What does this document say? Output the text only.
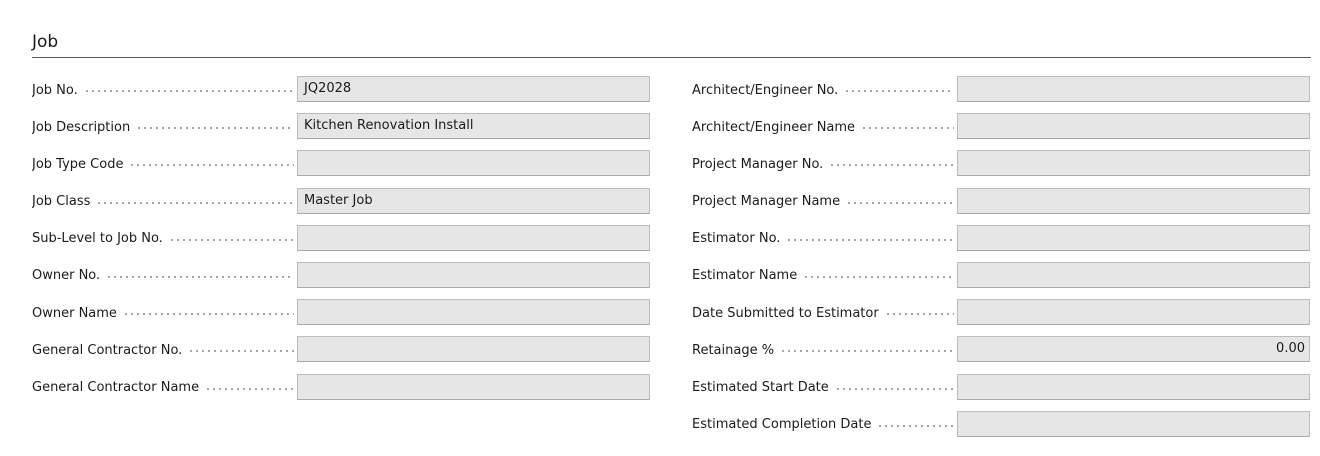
Job
Job No.	JQ2028
Job Description	Kitchen Renovation Install
Job Type Code
Job Class	Master Job
Sub-Level to Job No.
Owner No.
Owner Name
General Contractor No.
General Contractor Name
Architect/Engineer No.
Architect/Engineer Name
Project Manager No.
Project Manager Name
Estimator No.
Estimator Name
Date Submitted to Estimator
Retainage %	0.00
Estimated Start Date
Estimated Completion Date
